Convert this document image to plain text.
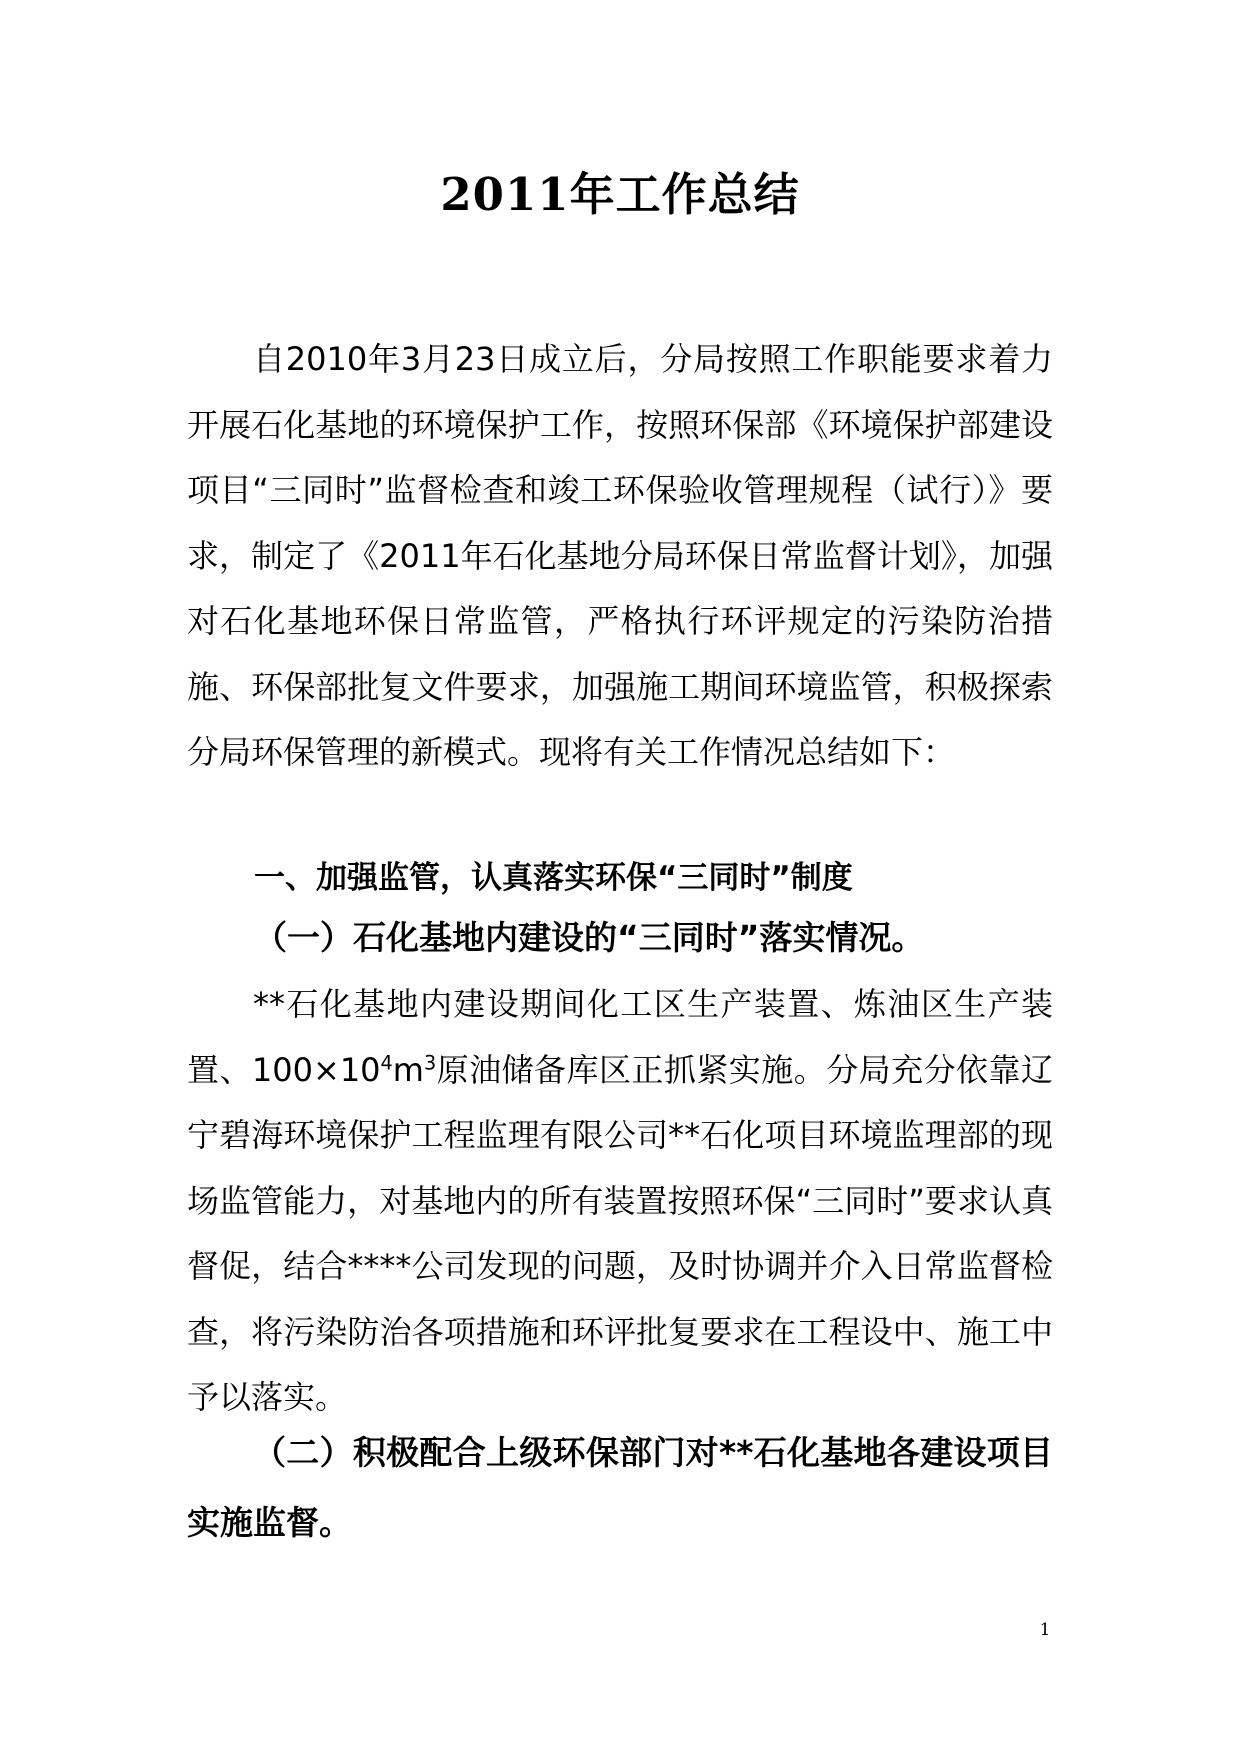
2011年工作总结
自2010年3月23日成立后，分局按照工作职能要求着力开展石化基地的环境保护工作，按照环保部《环境保护部建设项目“三同时”监督检查和竣工环保验收管理规程（试行）》要求，制定了《2011年石化基地分局环保日常监督计划》，加强对石化基地环保日常监管，严格执行环评规定的污染防治措施、环保部批复文件要求，加强施工期间环境监管，积极探索分局环保管理的新模式。现将有关工作情况总结如下：
一、加强监管，认真落实环保“三同时”制度
（一）石化基地内建设的“三同时”落实情况。
**石化基地内建设期间化工区生产装置、炼油区生产装置、$100\times 10^4m^3$原油储备库区正抓紧实施。分局充分依靠辽宁碧海环境保护工程监理有限公司**石化项目环境监理部的现场监管能力，对基地内的所有装置按照环保“三同时”要求认真督促，结合****公司发现的问题，及时协调并介入日常监督检查，将污染防治各项措施和环评批复要求在工程设中、施工中予以落实。
（二）积极配合上级环保部门对**石化基地各建设项目实施监督。
1
